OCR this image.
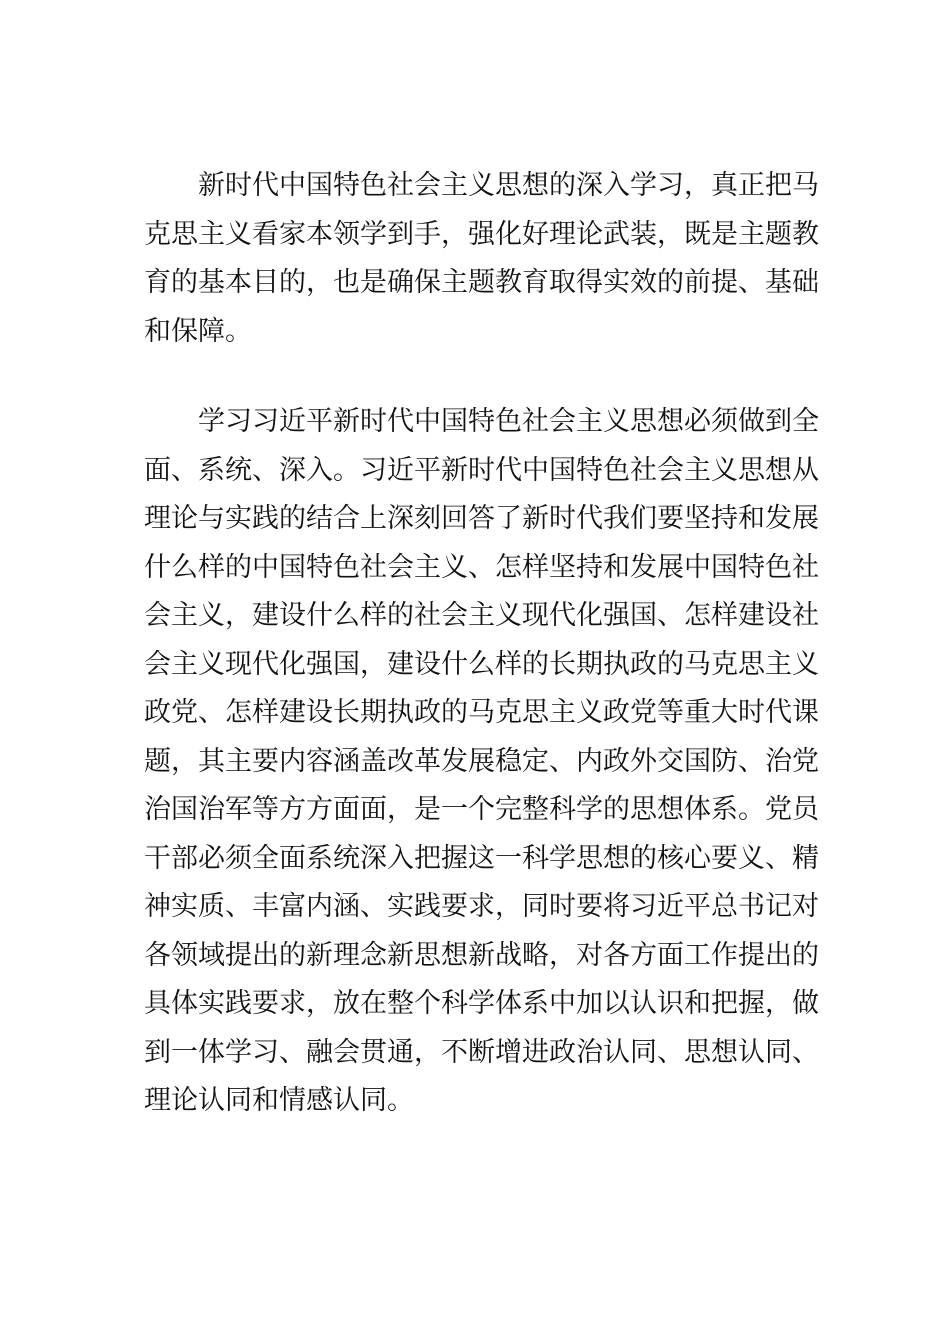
新时代中国特色社会主义思想的深入学习，真正把马
克思主义看家本领学到手，强化好理论武装，既是主题教
育的基本目的，也是确保主题教育取得实效的前提、基础
和保障。

学习习近平新时代中国特色社会主义思想必须做到全
面、系统、深入。习近平新时代中国特色社会主义思想从
理论与实践的结合上深刻回答了新时代我们要坚持和发展
什么样的中国特色社会主义、怎样坚持和发展中国特色社
会主义，建设什么样的社会主义现代化强国、怎样建设社
会主义现代化强国，建设什么样的长期执政的马克思主义
政党、怎样建设长期执政的马克思主义政党等重大时代课
题，其主要内容涵盖改革发展稳定、内政外交国防、治党
治国治军等方方面面，是一个完整科学的思想体系。党员
干部必须全面系统深入把握这一科学思想的核心要义、精
神实质、丰富内涵、实践要求，同时要将习近平总书记对
各领域提出的新理念新思想新战略，对各方面工作提出的
具体实践要求，放在整个科学体系中加以认识和把握，做
到一体学习、融会贯通，不断增进政治认同、思想认同、
理论认同和情感认同。
